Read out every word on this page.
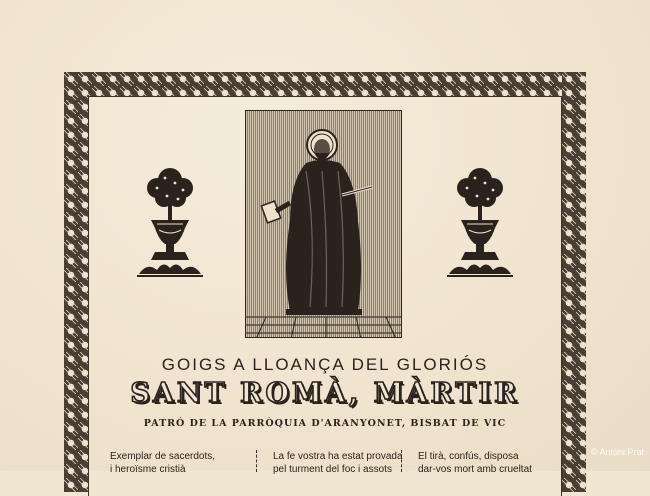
GOIGS A LLOANÇA DEL GLORIÓS
SANT ROMÀ, MÀRTIR
PATRÓ DE LA PARRÒQUIA D'ARANYONET, BISBAT DE VIC
Exemplar de sacerdots,
i heroïsme cristià
La fe vostra ha estat provada
pel turment del foc i assots
El tirà, confús, disposa
dar-vos mort amb crueltat
© Antoni Prat
